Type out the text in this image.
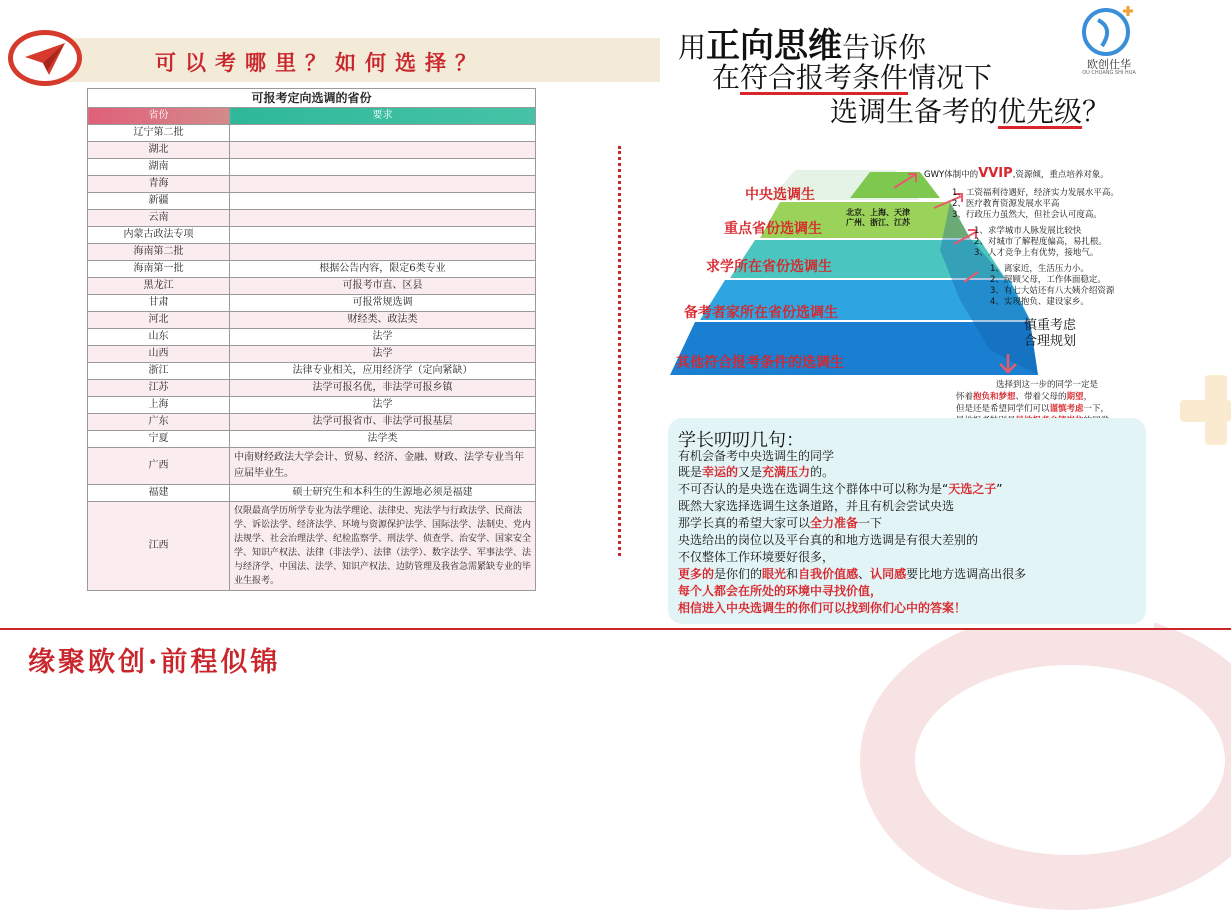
可以考哪里？如何选择？
可报考定向选调的省份	
省份	要求
辽宁第二批	
湖北	
湖南	
青海	
新疆	
云南	
内蒙古政法专项	
海南第二批	
海南第一批	根据公告内容，限定6类专业
黑龙江	可报考市直、区县
甘肃	可报常规选调
河北	财经类、政法类
山东	法学
山西	法学
浙江	法律专业相关，应用经济学（定向紧缺）
江苏	法学可报名优，非法学可报乡镇
上海	法学
广东	法学可报省市、非法学可报基层
宁夏	法学类
广西	中南财经政法大学会计、贸易、经济、金融、财政、法学专业当年应届毕业生。
福建	硕士研究生和本科生的生源地必须是福建
江西	仅限最高学历所学专业为法学理论、法律史、宪法学与行政法学、民商法学、诉讼法学、经济法学、环境与资源保护法学、国际法学、法制史、党内法规学、社会治理法学、纪检监察学、刑法学、侦查学、治安学、国家安全学、知识产权法、法律（非法学）、法律（法学）、数字法学、军事法学、法与经济学、中国法、法学、知识产权法、边防管理及我省急需紧缺专业的毕业生报考。
用正向思维告诉你
在符合报考条件情况下
选调生备考的优先级？
欧创仕华
OU CHUANG SHI HUA
中央选调生
重点省份选调生
求学所在省份选调生
备考者家所在省份选调生
其他符合报考条件的选调生
北京、上海、天津
广州、浙江、江苏
GWY体制中的VVIP,资源倾，重点培养对象。
1、工资福利待遇好，经济实力发展水平高。
2、医疗教育资源发展水平高
3、行政压力虽然大，但社会认可度高。
1、求学城市人脉发展比较快
2、对城市了解程度偏高，易扎根。
3、人才竞争上有优势，接地气。
1、离家近，生活压力小。
2、照顾父母，工作体面稳定。
3、有七大姑还有八大姨介绍资源
4、实现抱负、建设家乡。
慎重考虑
合理规划
选择到这一步的同学一定是
怀着抱负和梦想、带着父母的期望，
但是还是希望同学们可以谨慎考虑一下，
学长叨叨几句：
有机会备考中央选调生的同学
既是幸运的又是充满压力的。
不可否认的是央选在选调生这个群体中可以称为是“天选之子”
既然大家选择选调生这条道路，并且有机会尝试央选
那学长真的希望大家可以全力准备一下
央选给出的岗位以及平台真的和地方选调是有很大差别的
不仅整体工作环境要好很多，
更多的是你们的眼光和自我价值感、认同感要比地方选调高出很多
每个人都会在所处的环境中寻找价值，
相信进入中央选调生的你们可以找到你们心中的答案！
缘聚欧创·前程似锦
